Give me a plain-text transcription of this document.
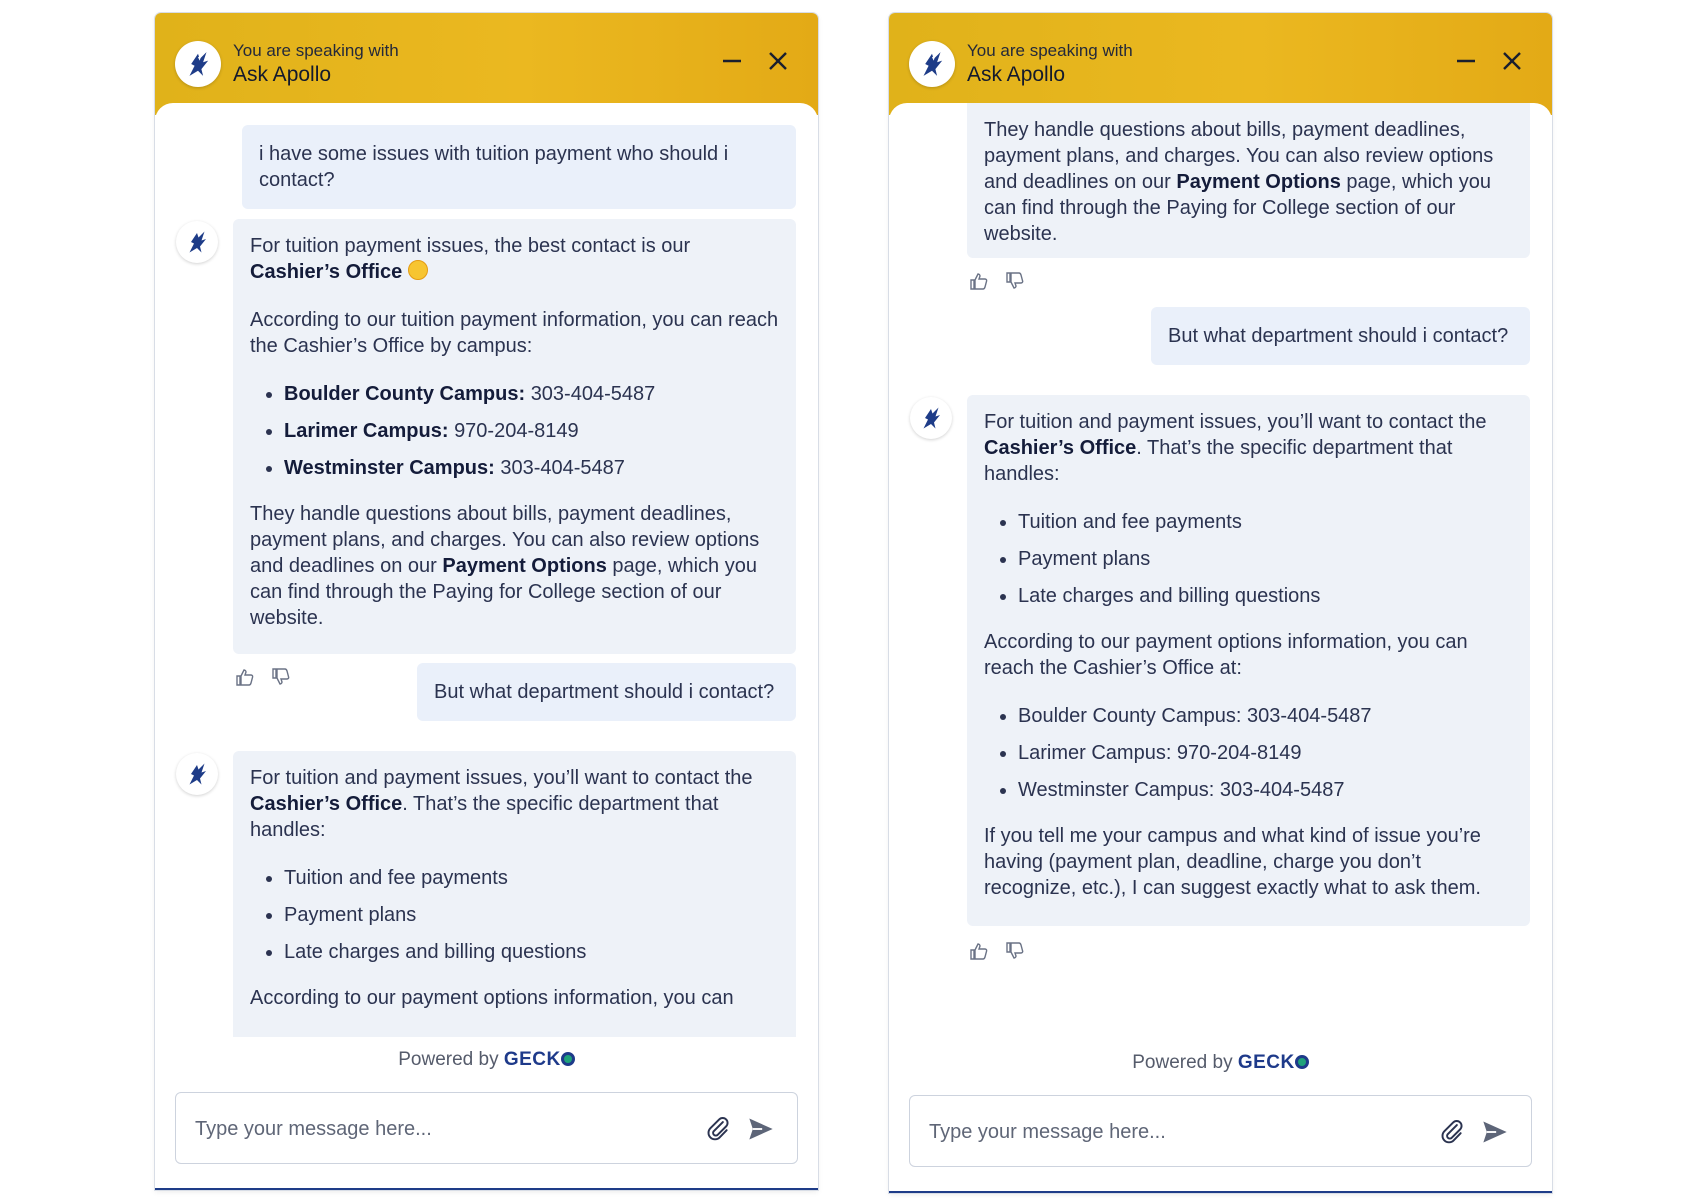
You are speaking with
Ask Apollo
i have some issues with tuition payment who should i contact?

For tuition payment issues, the best contact is our Cashier’s Office

According to our tuition payment information, you can reach the Cashier’s Office by campus:

• Boulder County Campus: 303-404-5487
• Larimer Campus: 970-204-8149
• Westminster Campus: 303-404-5487

They handle questions about bills, payment deadlines, payment plans, and charges. You can also review options and deadlines on our Payment Options page, which you can find through the Paying for College section of our website.

But what department should i contact?

For tuition and payment issues, you’ll want to contact the Cashier’s Office. That’s the specific department that handles:

• Tuition and fee payments
• Payment plans
• Late charges and billing questions

According to our payment options information, you can

Powered by GECK
Type your message here...
You are speaking with
Ask Apollo

They handle questions about bills, payment deadlines, payment plans, and charges. You can also review options and deadlines on our Payment Options page, which you can find through the Paying for College section of our website.

But what department should i contact?

For tuition and payment issues, you’ll want to contact the Cashier’s Office. That’s the specific department that handles:

• Tuition and fee payments
• Payment plans
• Late charges and billing questions

According to our payment options information, you can reach the Cashier’s Office at:

• Boulder County Campus: 303-404-5487
• Larimer Campus: 970-204-8149
• Westminster Campus: 303-404-5487

If you tell me your campus and what kind of issue you’re having (payment plan, deadline, charge you don’t recognize, etc.), I can suggest exactly what to ask them.

Powered by GECK
Type your message here...
